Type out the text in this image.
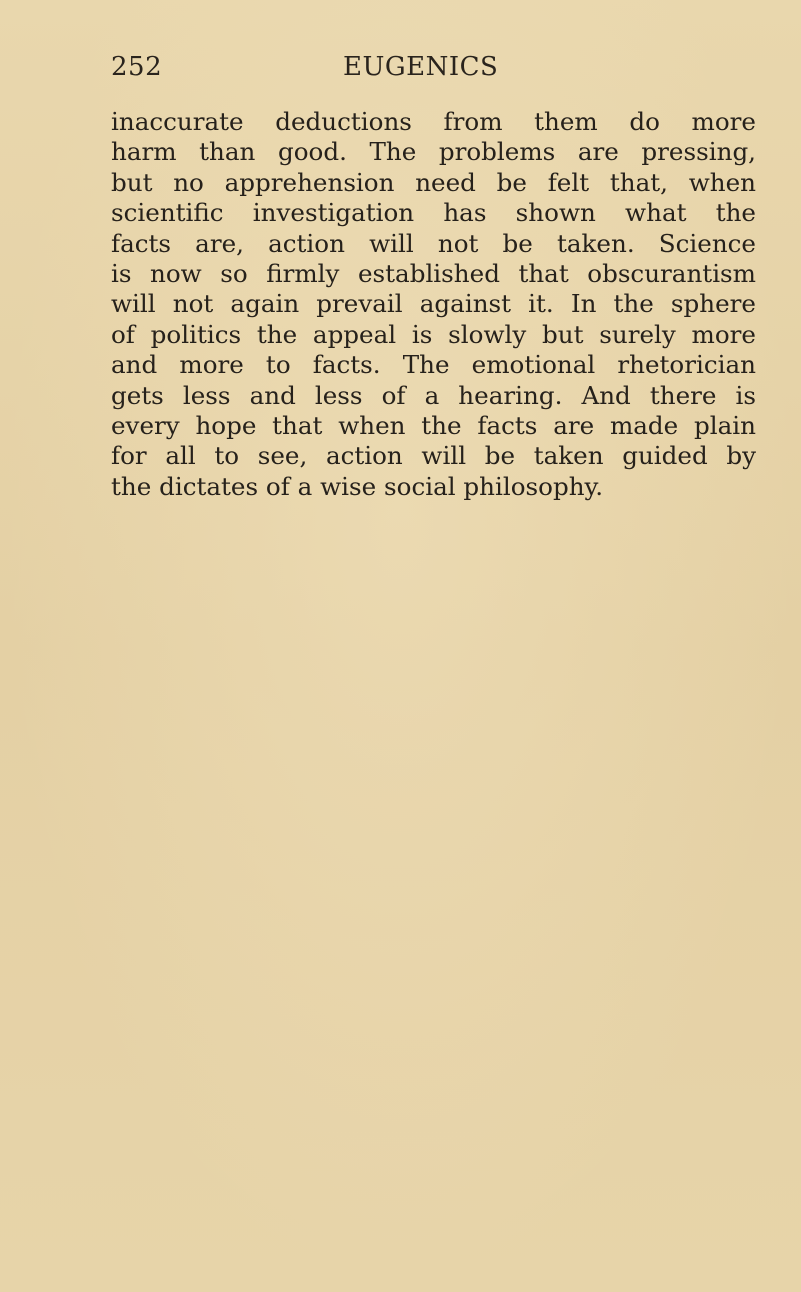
252	EUGENICS
inaccurate deductions from them do more
harm than good. The problems are pressing,
but no apprehension need be felt that, when
scientific investigation has shown what the
facts are, action will not be taken. Science
is now so firmly established that obscurantism
will not again prevail against it. In the sphere
of politics the appeal is slowly but surely more
and more to facts. The emotional rhetorician
gets less and less of a hearing. And there is
every hope that when the facts are made plain
for all to see, action will be taken guided by
the dictates of a wise social philosophy.
